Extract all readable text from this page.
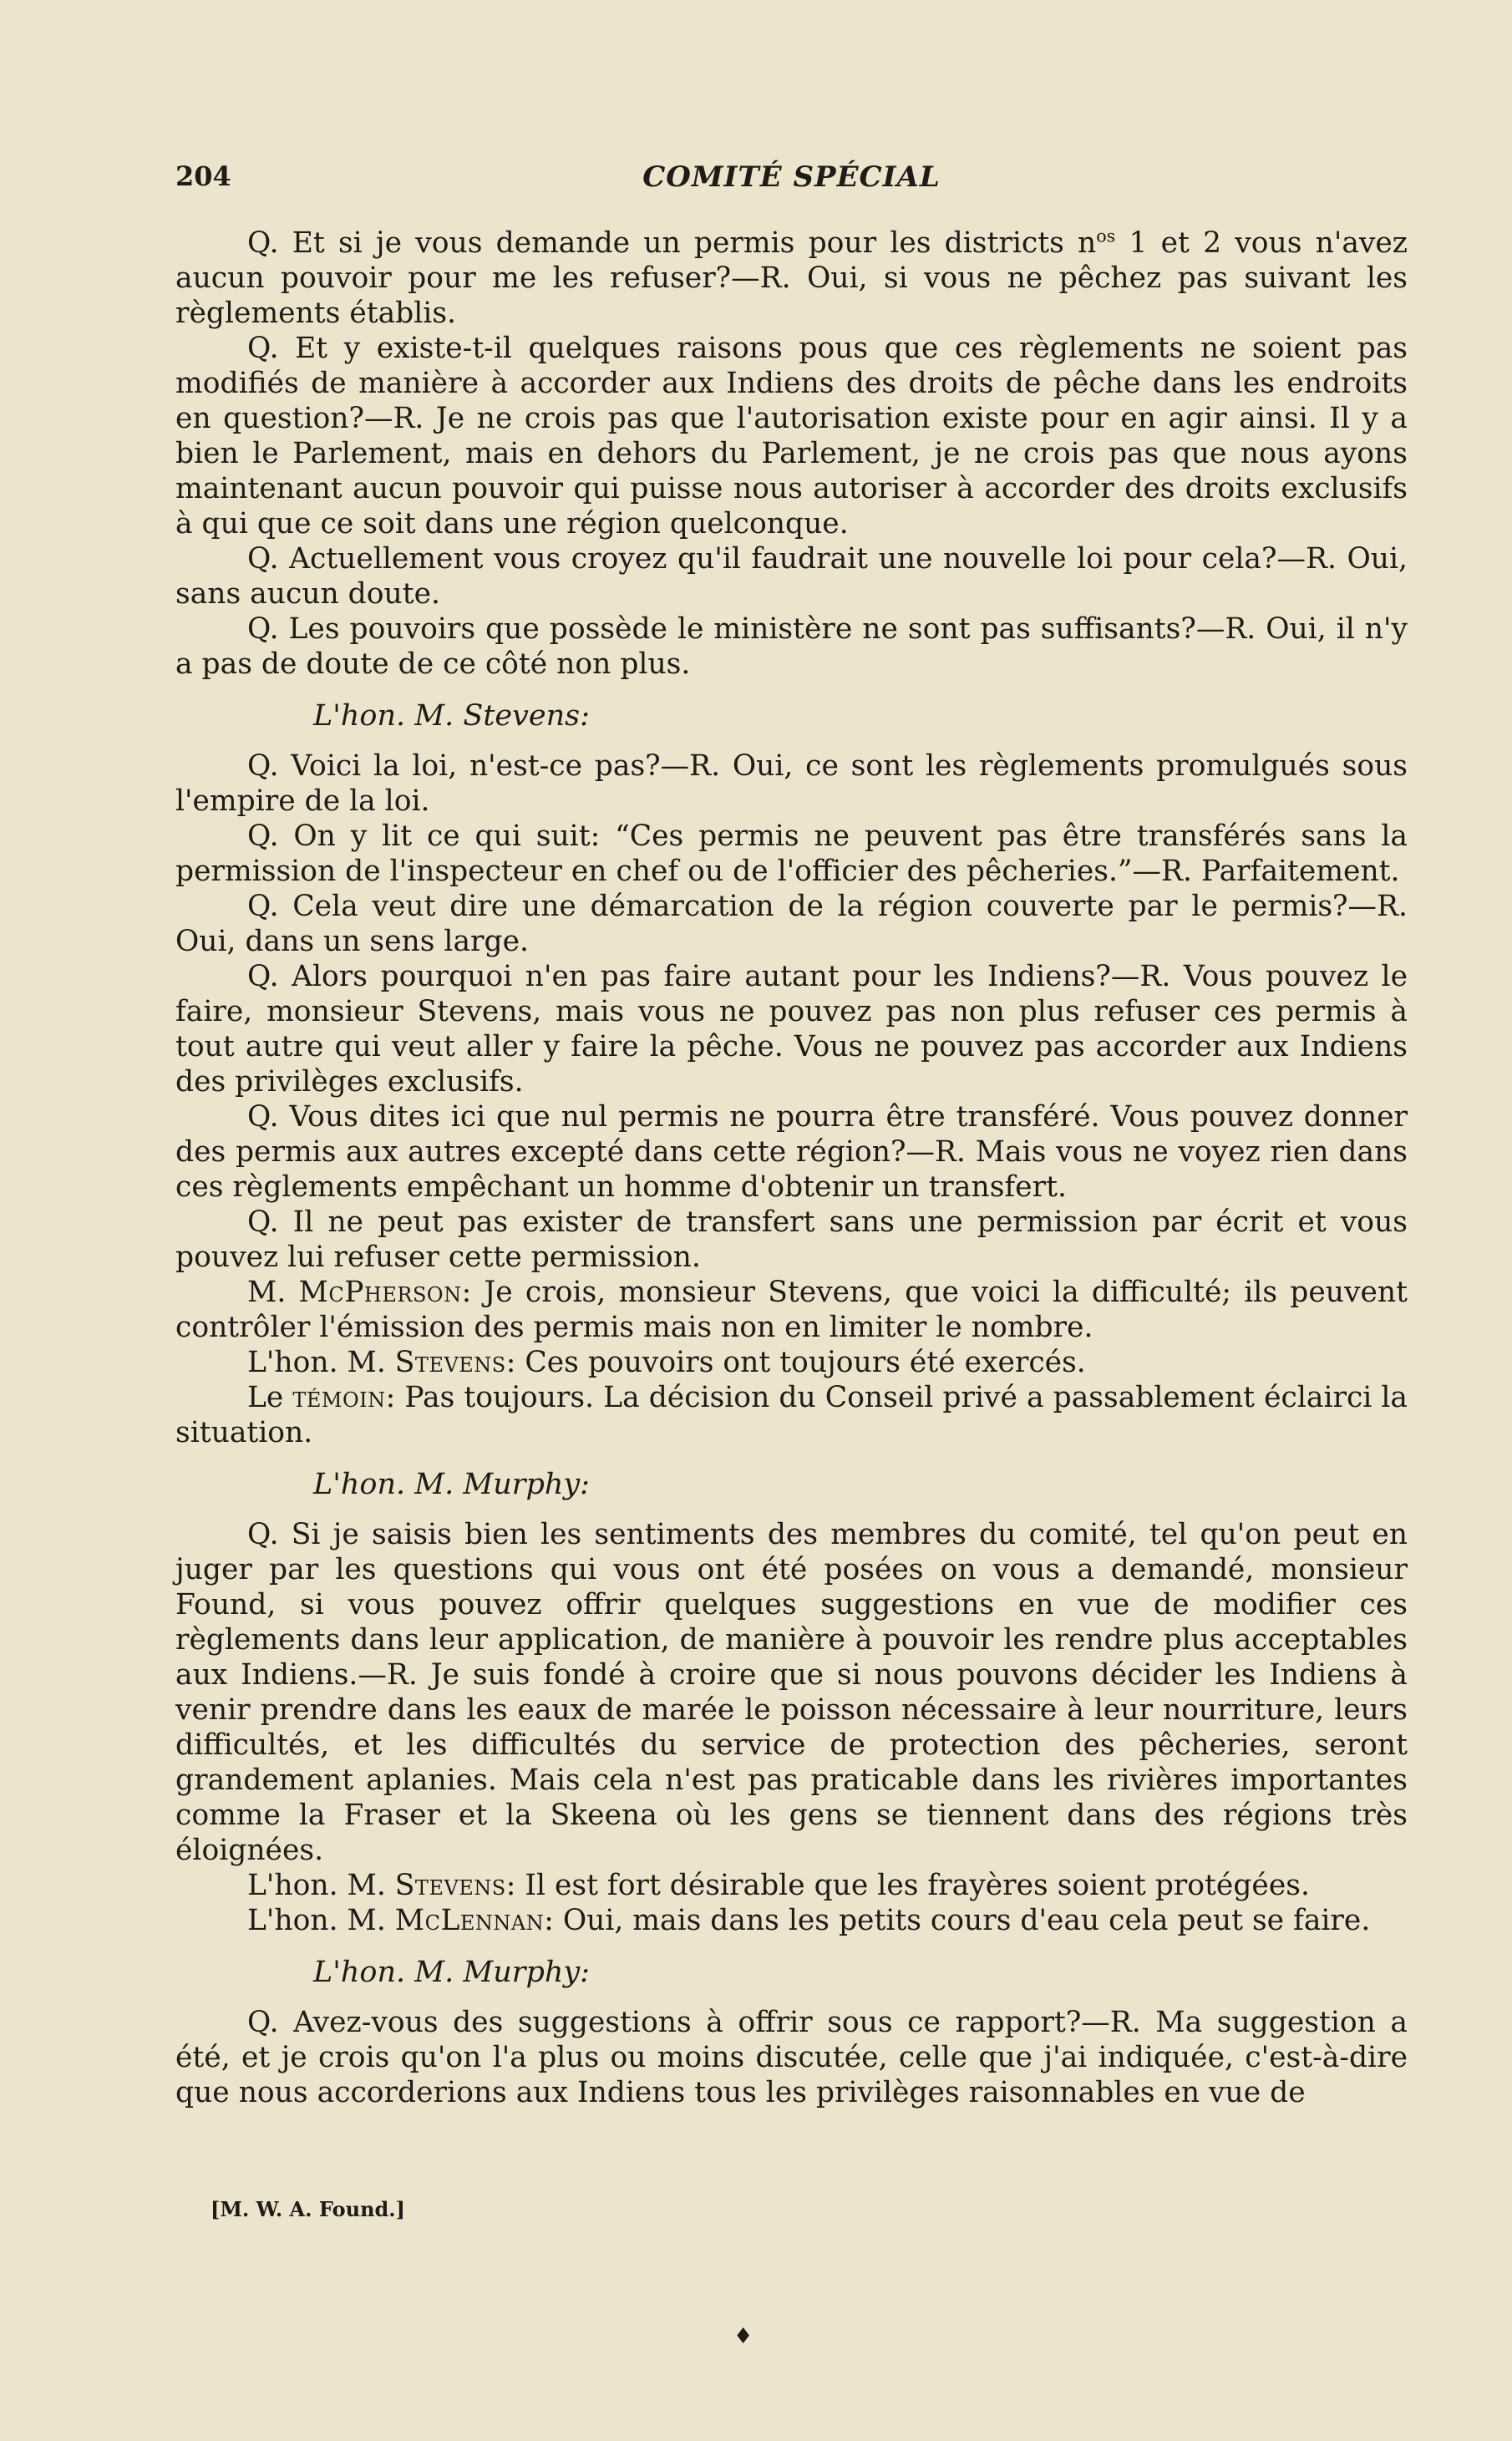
204	COMITÉ SPÉCIAL

Q. Et si je vous demande un permis pour les districts $n^{os}$ 1 et 2 vous n'avez aucun pouvoir pour me les refuser?—R. Oui, si vous ne pêchez pas suivant les règlements établis.

Q. Et y existe-t-il quelques raisons pous que ces règlements ne soient pas modifiés de manière à accorder aux Indiens des droits de pêche dans les endroits en question?—R. Je ne crois pas que l'autorisation existe pour en agir ainsi. Il y a bien le Parlement, mais en dehors du Parlement, je ne crois pas que nous ayons maintenant aucun pouvoir qui puisse nous autoriser à accorder des droits exclusifs à qui que ce soit dans une région quelconque.

Q. Actuellement vous croyez qu'il faudrait une nouvelle loi pour cela?—R. Oui, sans aucun doute.

Q. Les pouvoirs que possède le ministère ne sont pas suffisants?—R. Oui, il n'y a pas de doute de ce côté non plus.

L'hon. M. Stevens:

Q. Voici la loi, n'est-ce pas?—R. Oui, ce sont les règlements promulgués sous l'empire de la loi.

Q. On y lit ce qui suit: “Ces permis ne peuvent pas être transférés sans la permission de l'inspecteur en chef ou de l'officier des pêcheries.”—R. Parfaitement.

Q. Cela veut dire une démarcation de la région couverte par le permis?—R. Oui, dans un sens large.

Q. Alors pourquoi n'en pas faire autant pour les Indiens?—R. Vous pouvez le faire, monsieur Stevens, mais vous ne pouvez pas non plus refuser ces permis à tout autre qui veut aller y faire la pêche. Vous ne pouvez pas accorder aux Indiens des privilèges exclusifs.

Q. Vous dites ici que nul permis ne pourra être transféré. Vous pouvez donner des permis aux autres excepté dans cette région?—R. Mais vous ne voyez rien dans ces règlements empêchant un homme d'obtenir un transfert.

Q. Il ne peut pas exister de transfert sans une permission par écrit et vous pouvez lui refuser cette permission.

M. McPherson: Je crois, monsieur Stevens, que voici la difficulté; ils peuvent contrôler l'émission des permis mais non en limiter le nombre.

L'hon. M. Stevens: Ces pouvoirs ont toujours été exercés.

Le témoin: Pas toujours. La décision du Conseil privé a passablement éclairci la situation.

L'hon. M. Murphy:

Q. Si je saisis bien les sentiments des membres du comité, tel qu'on peut en juger par les questions qui vous ont été posées on vous a demandé, monsieur Found, si vous pouvez offrir quelques suggestions en vue de modifier ces règlements dans leur application, de manière à pouvoir les rendre plus acceptables aux Indiens.—R. Je suis fondé à croire que si nous pouvons décider les Indiens à venir prendre dans les eaux de marée le poisson nécessaire à leur nourriture, leurs difficultés, et les difficultés du service de protection des pêcheries, seront grandement aplanies. Mais cela n'est pas praticable dans les rivières importantes comme la Fraser et la Skeena où les gens se tiennent dans des régions très éloignées.

L'hon. M. Stevens: Il est fort désirable que les frayères soient protégées.

L'hon. M. McLennan: Oui, mais dans les petits cours d'eau cela peut se faire.

L'hon. M. Murphy:

Q. Avez-vous des suggestions à offrir sous ce rapport?—R. Ma suggestion a été, et je crois qu'on l'a plus ou moins discutée, celle que j'ai indiquée, c'est-à-dire que nous accorderions aux Indiens tous les privilèges raisonnables en vue de

[M. W. A. Found.]
♦
